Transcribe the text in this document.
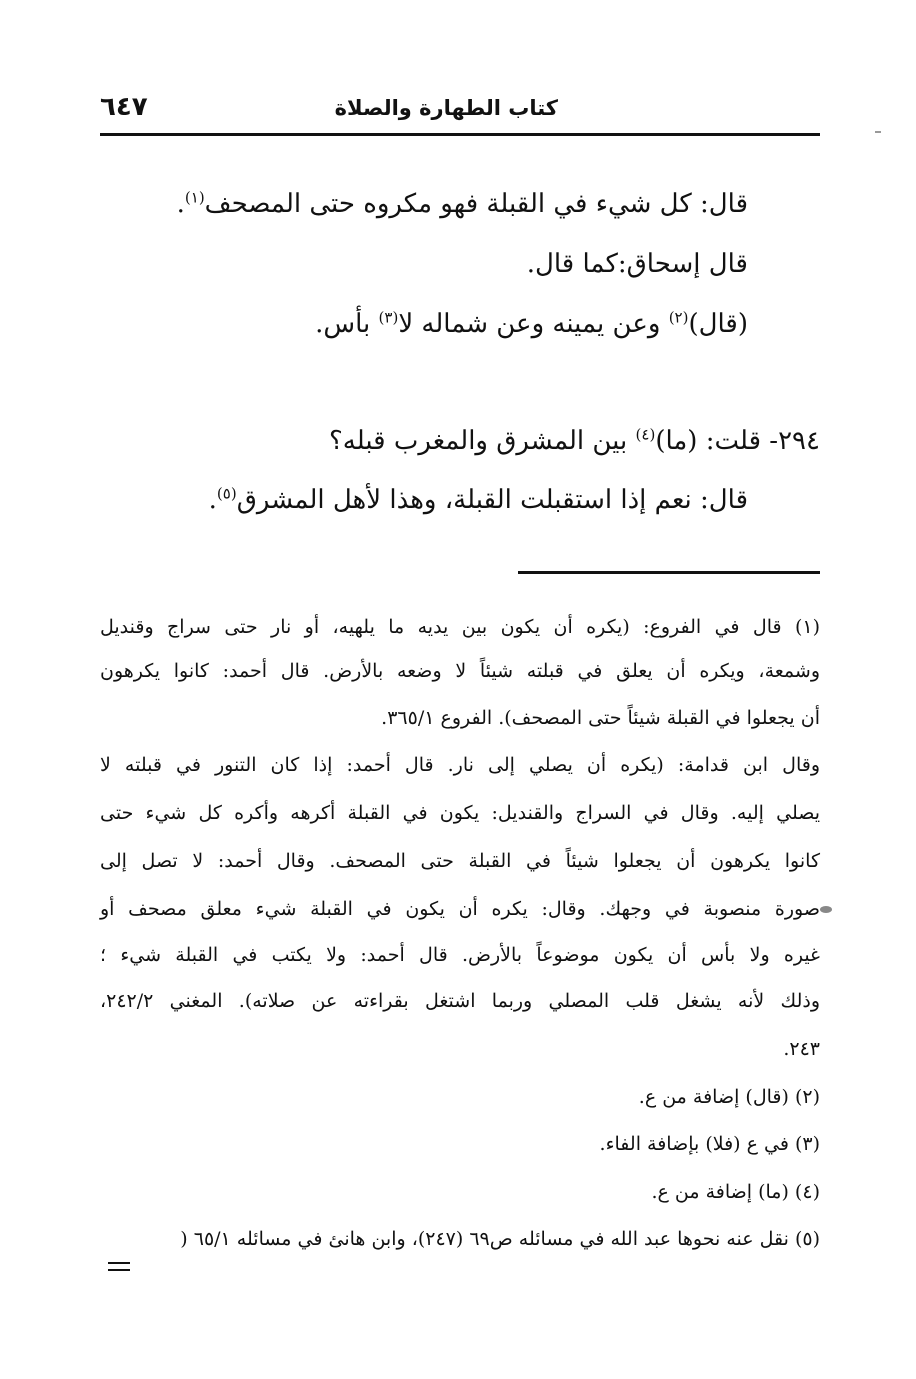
كتاب الطهارة والصلاة
٦٤٧
قال: كل شيء في القبلة فهو مكروه حتى المصحف$^{(١)}$.
قال إسحاق:كما قال.
(قال)$^{(٢)}$ وعن يمينه وعن شماله لا$^{(٣)}$ بأس.
٢٩٤- قلت: (ما)$^{(٤)}$ بين المشرق والمغرب قبله؟
قال: نعم إذا استقبلت القبلة، وهذا لأهل المشرق$^{(٥)}$.
(١) قال في الفروع: (يكره أن يكون بين يديه ما يلهيه، أو نار حتى سراج وقنديل
وشمعة، ويكره أن يعلق في قبلته شيئاً لا وضعه بالأرض. قال أحمد: كانوا يكرهون
أن يجعلوا في القبلة شيئاً حتى المصحف). الفروع ٣٦٥/١.
وقال ابن قدامة: (يكره أن يصلي إلى نار. قال أحمد: إذا كان التنور في قبلته لا
يصلي إليه. وقال في السراج والقنديل: يكون في القبلة أكرهه وأكره كل شيء حتى
كانوا يكرهون أن يجعلوا شيئاً في القبلة حتى المصحف. وقال أحمد: لا تصل إلى
صورة منصوبة في وجهك. وقال: يكره أن يكون في القبلة شيء معلق مصحف أو
غيره ولا بأس أن يكون موضوعاً بالأرض. قال أحمد: ولا يكتب في القبلة شيء ؛
وذلك لأنه يشغل قلب المصلي وربما اشتغل بقراءته عن صلاته). المغني ٢٤٢/٢،
٢٤٣.
(٢) (قال) إضافة من ع.
(٣) في ع (فلا) بإضافة الفاء.
(٤) (ما) إضافة من ع.
(٥) نقل عنه نحوها عبد الله في مسائله ص٦٩ (٢٤٧)، وابن هانئ في مسائله ٦٥/١ (
